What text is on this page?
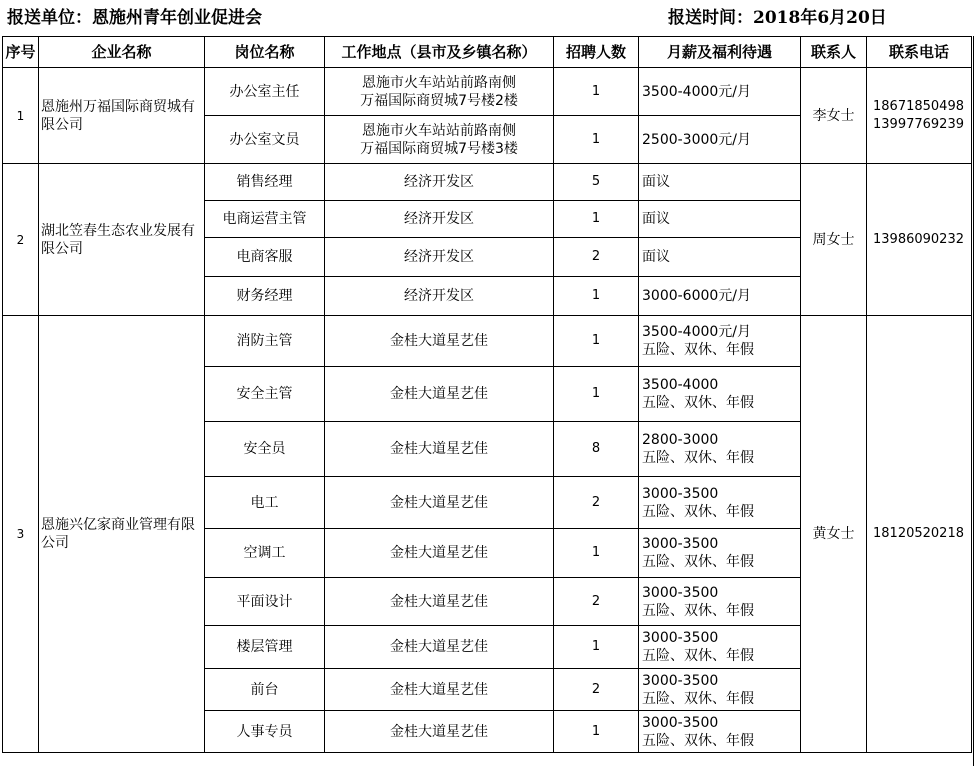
报送单位：恩施州青年创业促进会	报送时间：2018年6月20日
序号	企业名称	岗位名称	工作地点（县市及乡镇名称）	招聘人数	月薪及福利待遇	联系人	联系电话
1	恩施州万福国际商贸城有限公司	办公室主任	恩施市火车站站前路南侧
万福国际商贸城7号楼2楼	1	3500-4000元/月	李女士	18671850498
13997769239
		办公室文员	恩施市火车站站前路南侧
万福国际商贸城7号楼3楼	1	2500-3000元/月		
2	湖北笠春生态农业发展有限公司	销售经理	经济开发区	5	面议	周女士	13986090232
		电商运营主管	经济开发区	1	面议		
		电商客服	经济开发区	2	面议		
		财务经理	经济开发区	1	3000-6000元/月		
3	恩施兴亿家商业管理有限公司	消防主管	金桂大道星艺佳	1	3500-4000元/月
五险、双休、年假	黄女士	18120520218
		安全主管	金桂大道星艺佳	1	3500-4000
五险、双休、年假		
		安全员	金桂大道星艺佳	8	2800-3000
五险、双休、年假		
		电工	金桂大道星艺佳	2	3000-3500
五险、双休、年假		
		空调工	金桂大道星艺佳	1	3000-3500
五险、双休、年假		
		平面设计	金桂大道星艺佳	2	3000-3500
五险、双休、年假		
		楼层管理	金桂大道星艺佳	1	3000-3500
五险、双休、年假		
		前台	金桂大道星艺佳	2	3000-3500
五险、双休、年假		
		人事专员	金桂大道星艺佳	1	3000-3500
五险、双休、年假		
